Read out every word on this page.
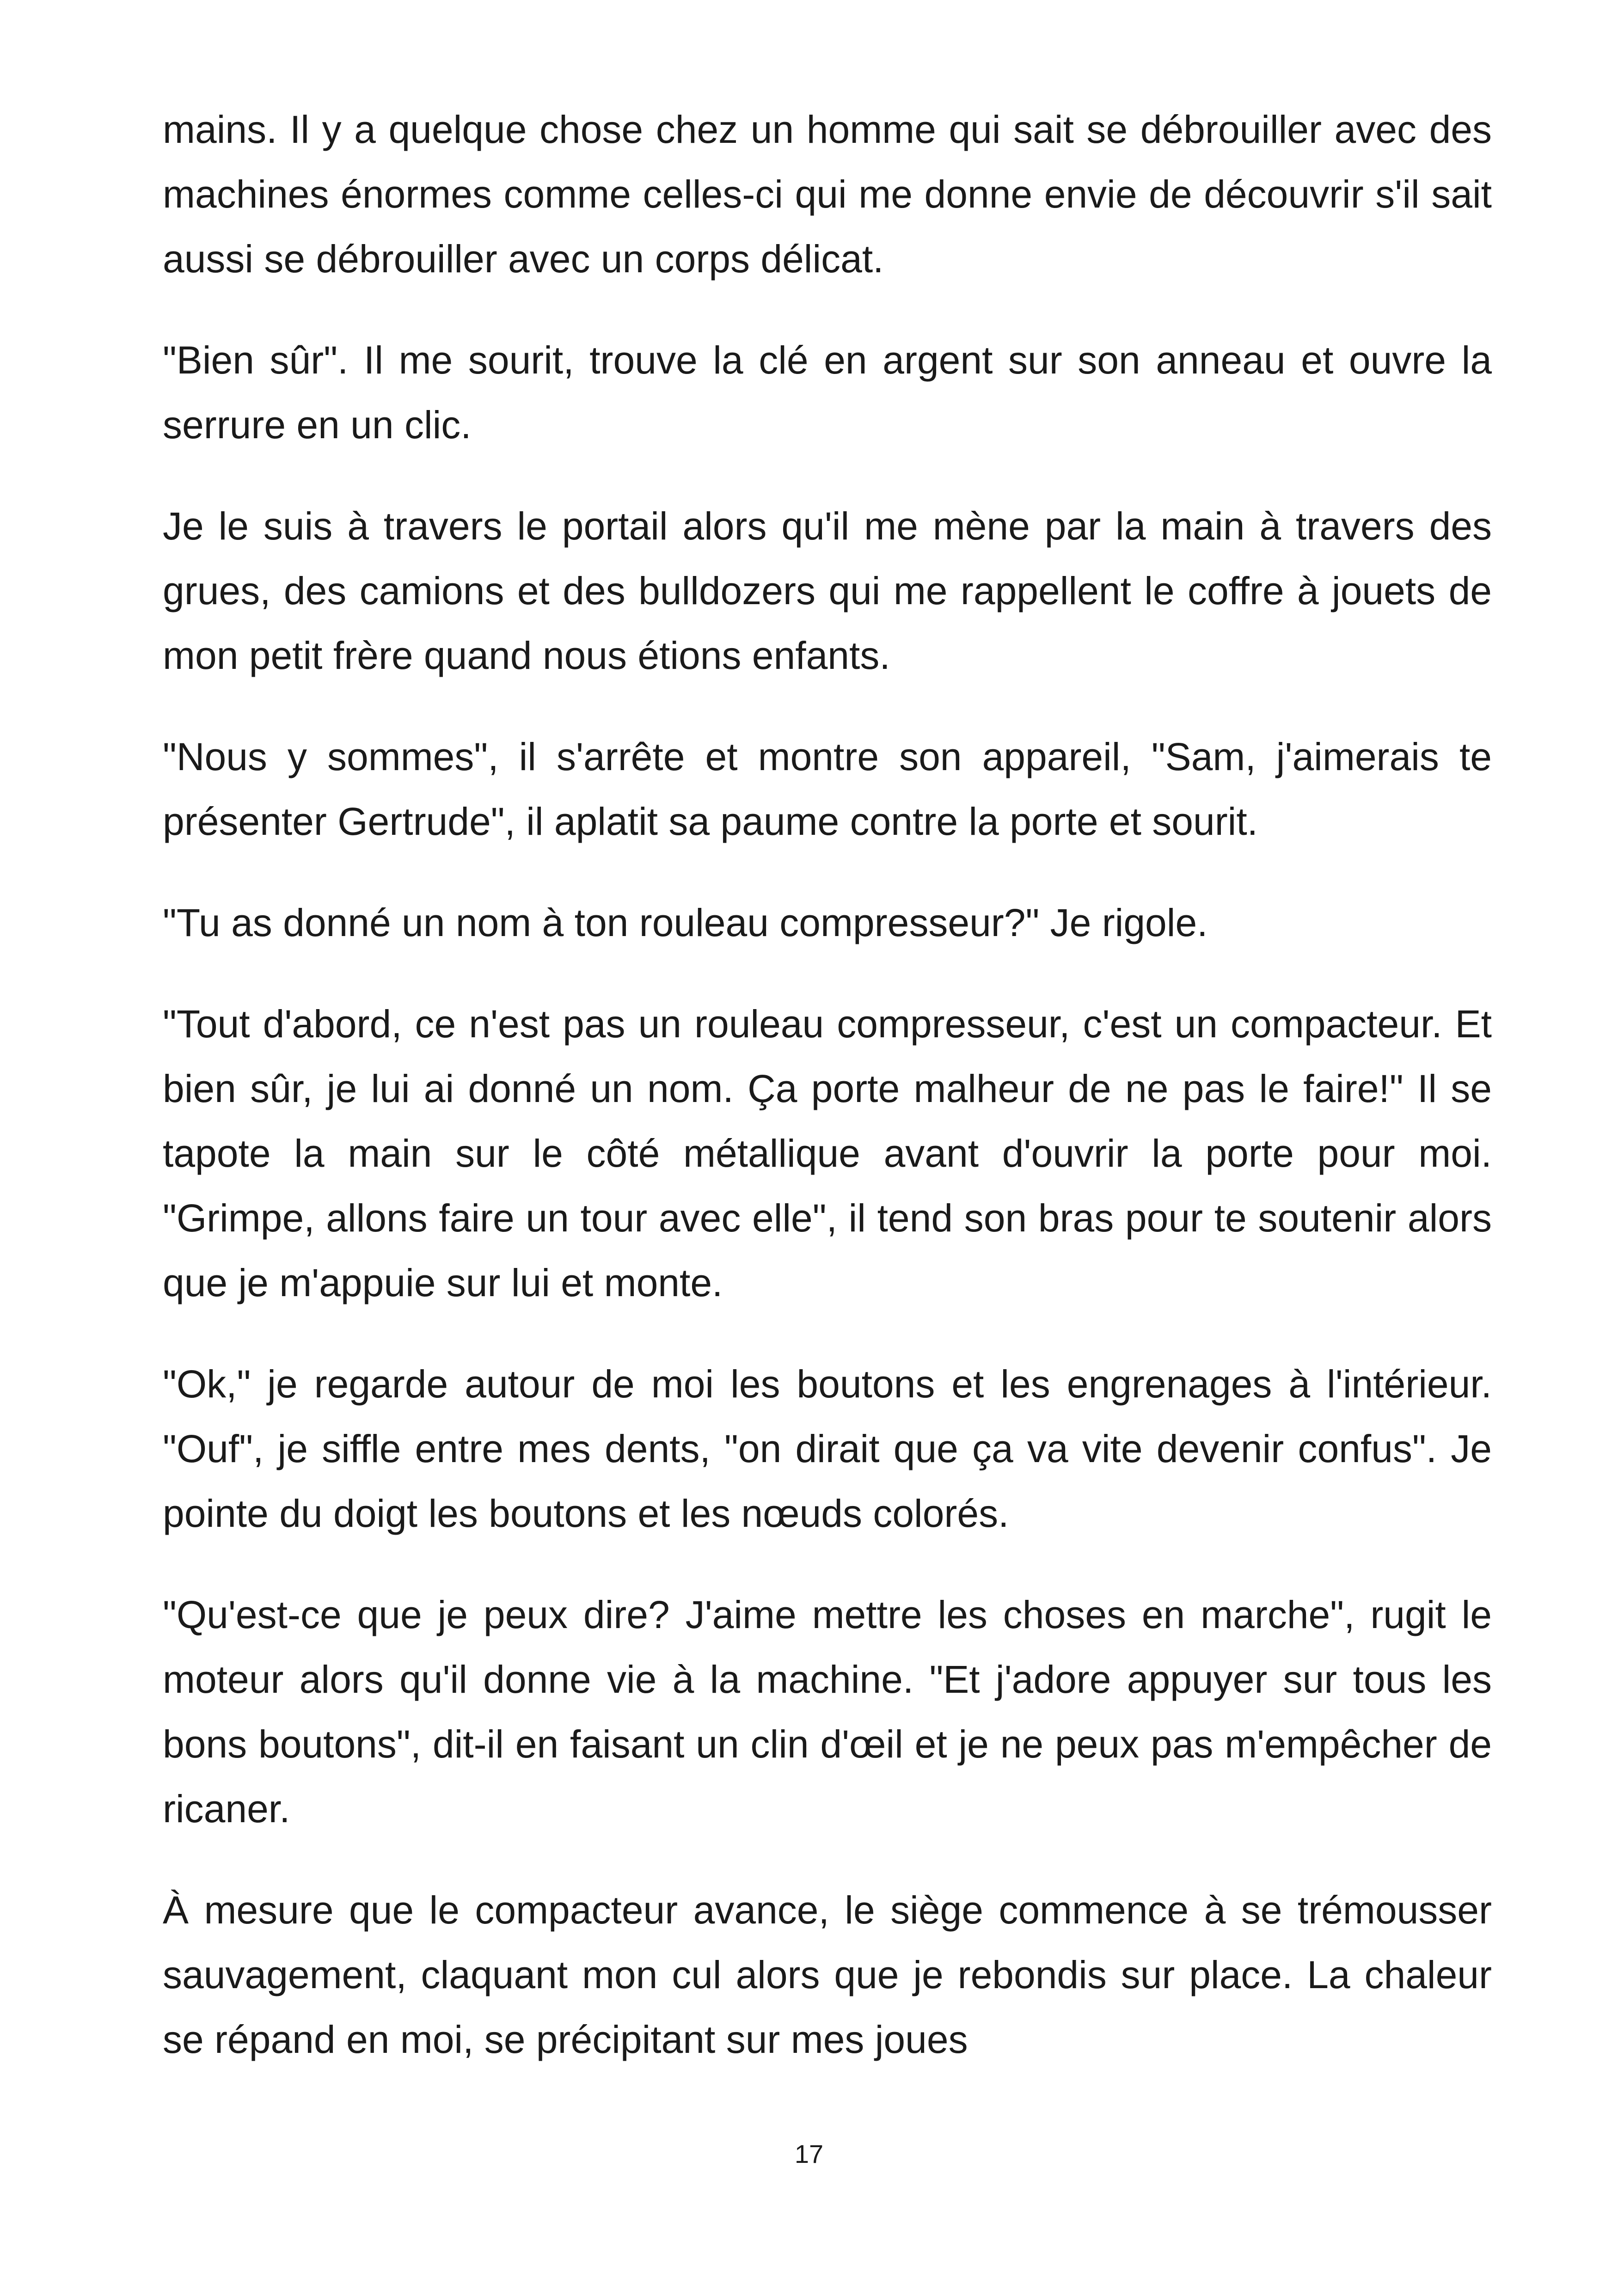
mains. Il y a quelque chose chez un homme qui sait se débrouiller avec des machines énormes comme celles-ci qui me donne envie de découvrir s'il sait aussi se débrouiller avec un corps délicat.

"Bien sûr". Il me sourit, trouve la clé en argent sur son anneau et ouvre la serrure en un clic.

Je le suis à travers le portail alors qu'il me mène par la main à travers des grues, des camions et des bulldozers qui me rappellent le coffre à jouets de mon petit frère quand nous étions enfants.

"Nous y sommes", il s'arrête et montre son appareil, "Sam, j'aimerais te présenter Gertrude", il aplatit sa paume contre la porte et sourit.

"Tu as donné un nom à ton rouleau compresseur?" Je rigole.

"Tout d'abord, ce n'est pas un rouleau compresseur, c'est un compacteur. Et bien sûr, je lui ai donné un nom. Ça porte malheur de ne pas le faire!" Il se tapote la main sur le côté métallique avant d'ouvrir la porte pour moi. "Grimpe, allons faire un tour avec elle", il tend son bras pour te soutenir alors que je m'appuie sur lui et monte.

"Ok," je regarde autour de moi les boutons et les engrenages à l'intérieur. "Ouf", je siffle entre mes dents, "on dirait que ça va vite devenir confus". Je pointe du doigt les boutons et les nœuds colorés.

"Qu'est-ce que je peux dire? J'aime mettre les choses en marche", rugit le moteur alors qu'il donne vie à la machine. "Et j'adore appuyer sur tous les bons boutons", dit-il en faisant un clin d'œil et je ne peux pas m'empêcher de ricaner.

À mesure que le compacteur avance, le siège commence à se trémousser sauvagement, claquant mon cul alors que je rebondis sur place. La chaleur se répand en moi, se précipitant sur mes joues

17
